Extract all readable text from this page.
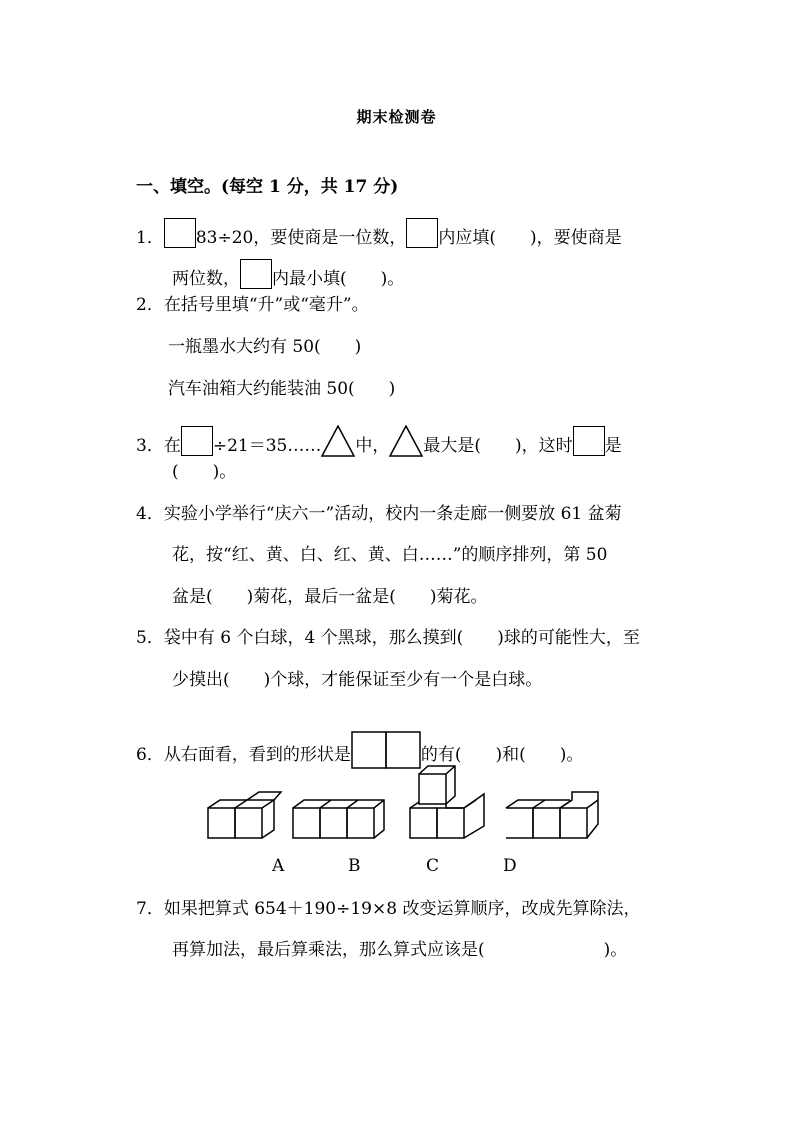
期末检测卷
一、填空。(每空 1 分，共 17 分)
1． 83÷20，要使商是一位数， 内应填(　　)，要使商是
两位数， 内最小填(　　)。
2．在括号里填“升”或“毫升”。
一瓶墨水大约有 50(　　)
汽车油箱大约能装油 50(　　)
3．在 ÷21＝35…… 中， 最大是(　　)，这时 是
(　　)。
4．实验小学举行“庆六一”活动，校内一条走廊一侧要放 61 盆菊
花，按“红、黄、白、红、黄、白……”的顺序排列，第 50
盆是(　　)菊花，最后一盆是(　　)菊花。
5．袋中有 6 个白球，4 个黑球，那么摸到(　　)球的可能性大，至
少摸出(　　)个球，才能保证至少有一个是白球。
6．从右面看，看到的形状是	的有(　　)和(　　)。
A	B	C	D
7．如果把算式 654＋190÷19×8 改变运算顺序，改成先算除法，
再算加法，最后算乘法，那么算式应该是(　　　　　　　)。
